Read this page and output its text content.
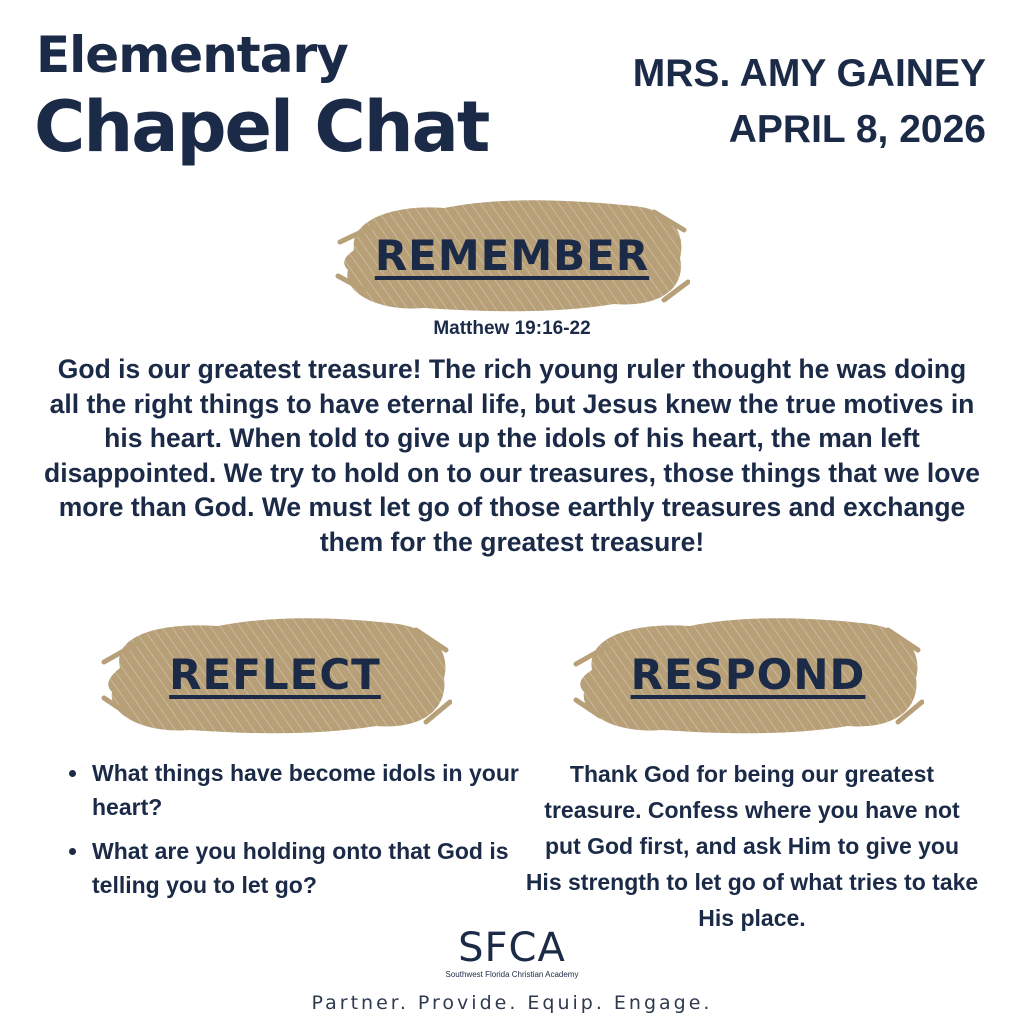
Elementary
Chapel Chat
MRS. AMY GAINEY
APRIL 8, 2026
REMEMBER
Matthew 19:16-22

God is our greatest treasure! The rich young ruler thought he was doing all the right things to have eternal life, but Jesus knew the true motives in his heart. When told to give up the idols of his heart, the man left disappointed. We try to hold on to our treasures, those things that we love more than God. We must let go of those earthly treasures and exchange them for the greatest treasure!

REFLECT	RESPOND
• What things have become idols in your heart?
• What are you holding onto that God is telling you to let go?

Thank God for being our greatest treasure. Confess where you have not put God first, and ask Him to give you His strength to let go of what tries to take His place.

SFCA
Southwest Florida Christian Academy
Partner. Provide. Equip. Engage.
